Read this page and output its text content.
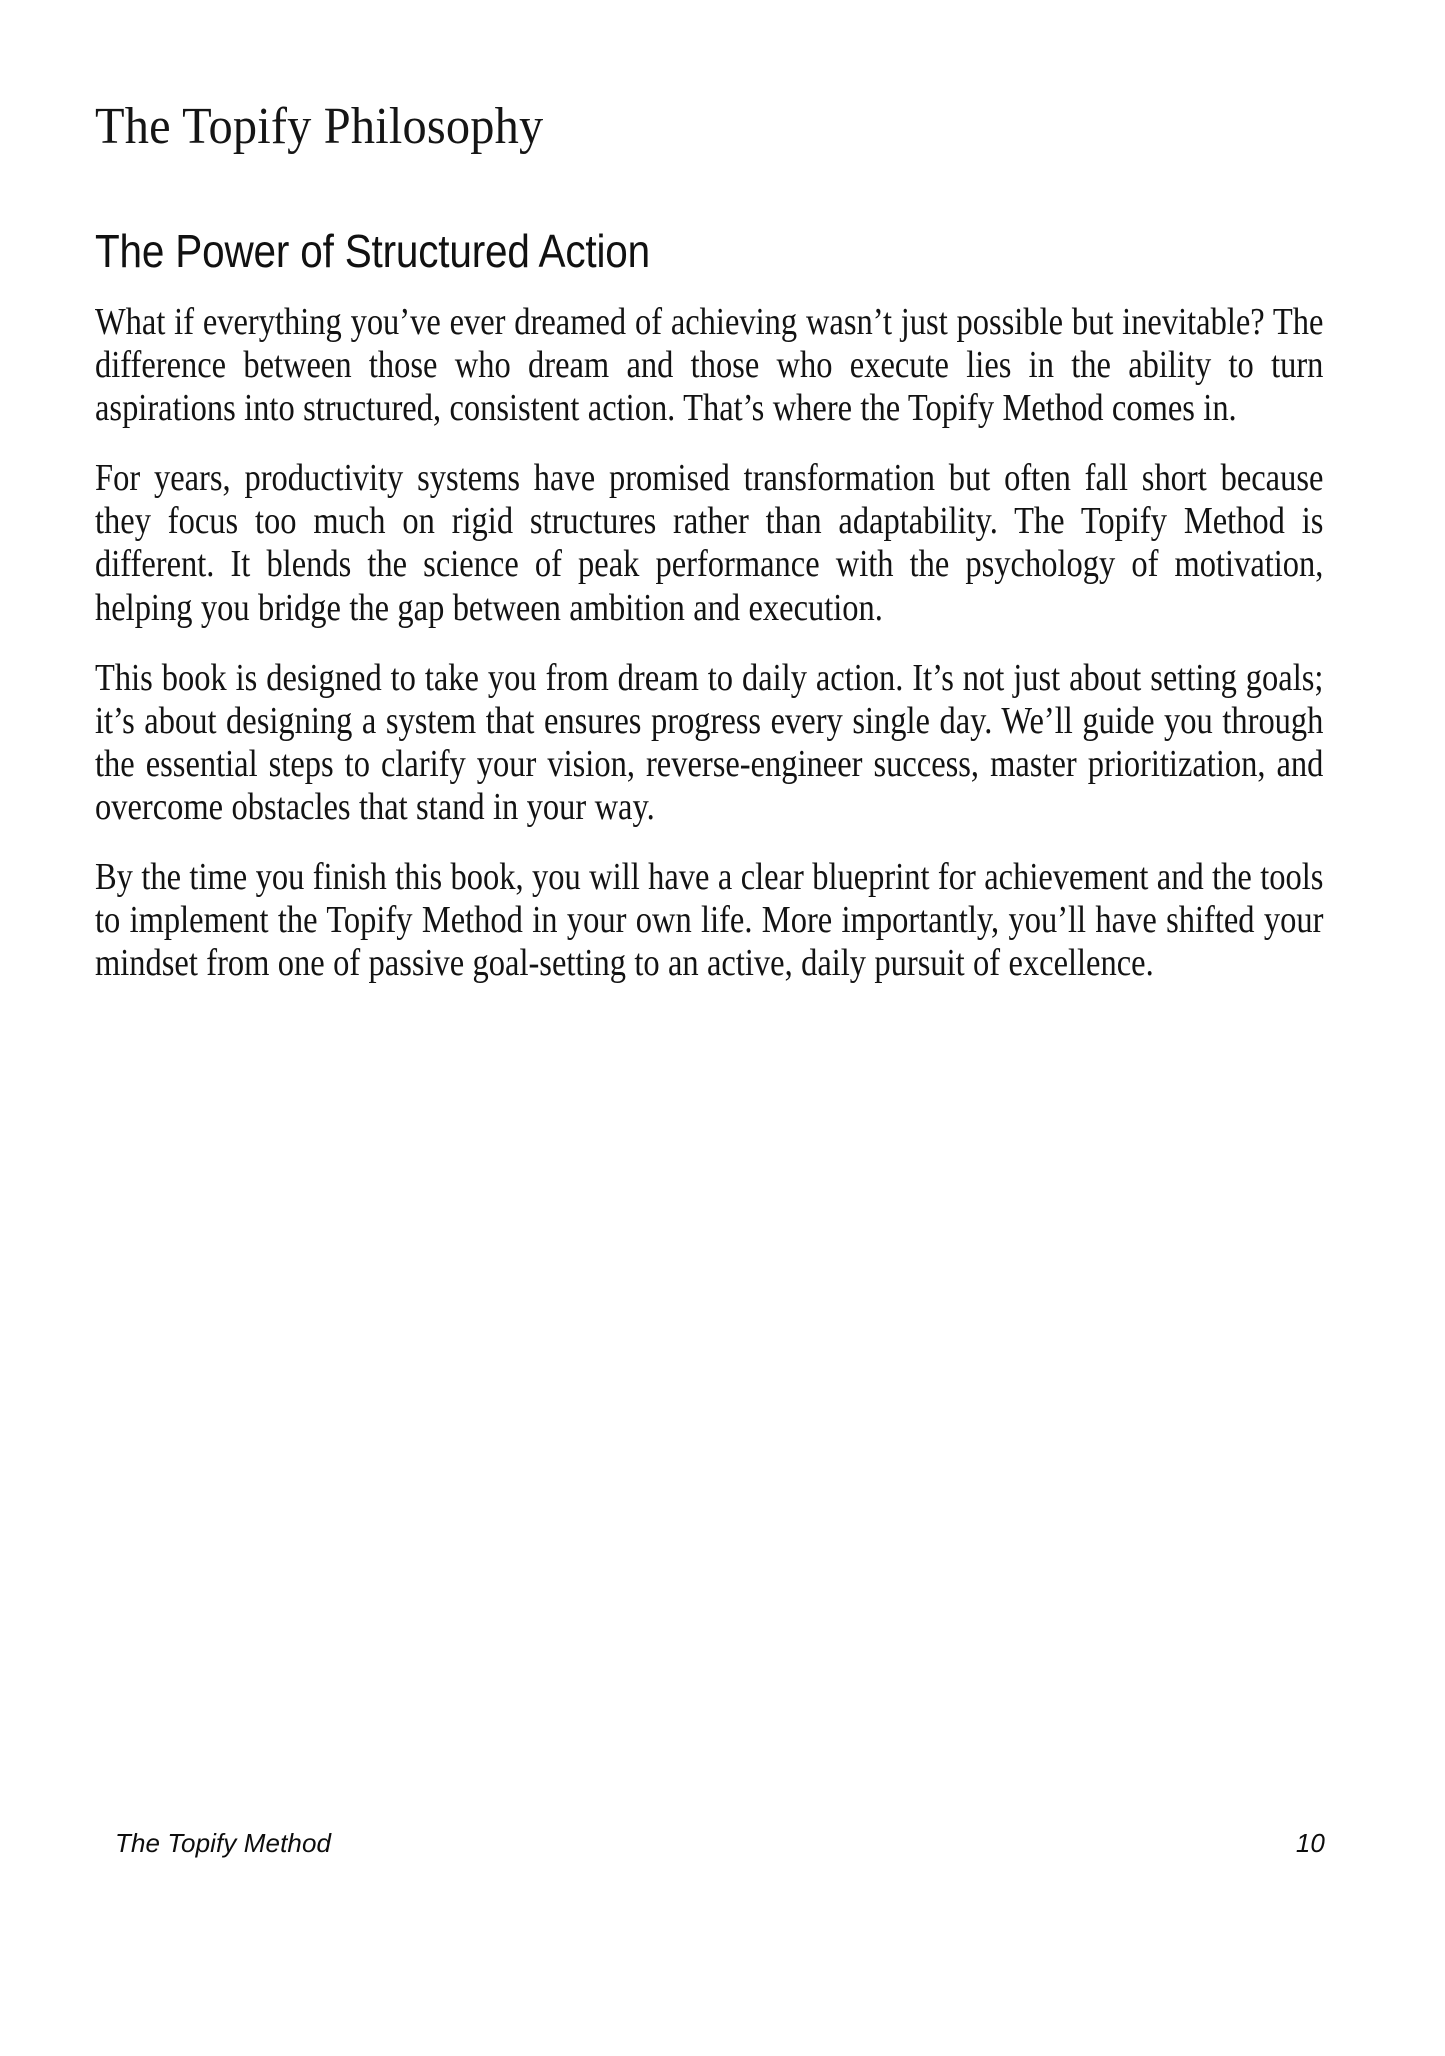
The Topify Philosophy
The Power of Structured Action

What if everything you’ve ever dreamed of achieving wasn’t just possible but inevitable? The difference between those who dream and those who execute lies in the ability to turn aspirations into structured, consistent action. That’s where the Topify Method comes in.

For years, productivity systems have promised transformation but often fall short because they focus too much on rigid structures rather than adaptability. The Topify Method is different. It blends the science of peak performance with the psychology of motivation, helping you bridge the gap between ambition and execution.

This book is designed to take you from dream to daily action. It’s not just about setting goals; it’s about designing a system that ensures progress every single day. We’ll guide you through the essential steps to clarify your vision, reverse-engineer success, master prioritization, and overcome obstacles that stand in your way.

By the time you finish this book, you will have a clear blueprint for achievement and the tools to implement the Topify Method in your own life. More importantly, you’ll have shifted your mindset from one of passive goal-setting to an active, daily pursuit of excellence.

The Topify Method	10
